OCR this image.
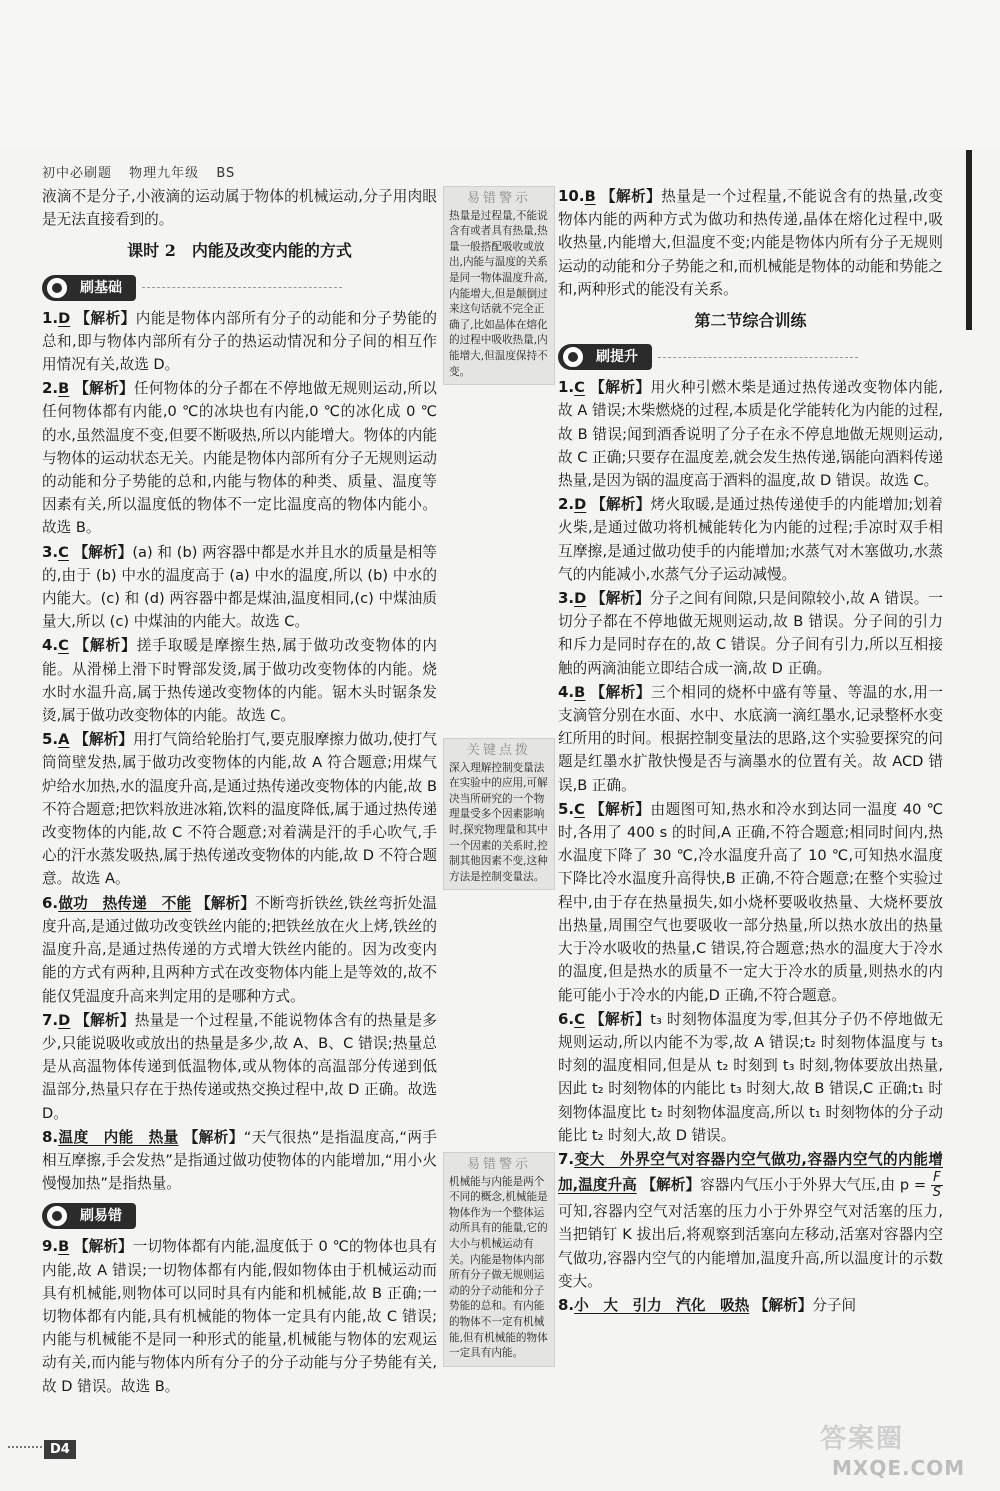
初中必刷题 物理九年级 BS
液滴不是分子,小液滴的运动属于物体的机械运动,分子用肉眼是无法直接看到的。
课时 2　内能及改变内能的方式
刷基础
1.D 【解析】内能是物体内部所有分子的动能和分子势能的总和,即与物体内部所有分子的热运动情况和分子间的相互作用情况有关,故选 D。
2.B 【解析】任何物体的分子都在不停地做无规则运动,所以任何物体都有内能,0 ℃的冰块也有内能,0 ℃的冰化成 0 ℃的水,虽然温度不变,但要不断吸热,所以内能增大。物体的内能与物体的运动状态无关。内能是物体内部所有分子无规则运动的动能和分子势能的总和,内能与物体的种类、质量、温度等因素有关,所以温度低的物体不一定比温度高的物体内能小。故选 B。
3.C 【解析】(a) 和 (b) 两容器中都是水并且水的质量是相等的,由于 (b) 中水的温度高于 (a) 中水的温度,所以 (b) 中水的内能大。(c) 和 (d) 两容器中都是煤油,温度相同,(c) 中煤油质量大,所以 (c) 中煤油的内能大。故选 C。
4.C 【解析】搓手取暖是摩擦生热,属于做功改变物体的内能。从滑梯上滑下时臀部发烫,属于做功改变物体的内能。烧水时水温升高,属于热传递改变物体的内能。锯木头时锯条发烫,属于做功改变物体的内能。故选 C。
5.A 【解析】用打气筒给轮胎打气,要克服摩擦力做功,使打气筒筒壁发热,属于做功改变物体的内能,故 A 符合题意;用煤气炉给水加热,水的温度升高,是通过热传递改变物体的内能,故 B 不符合题意;把饮料放进冰箱,饮料的温度降低,属于通过热传递改变物体的内能,故 C 不符合题意;对着满是汗的手心吹气,手心的汗水蒸发吸热,属于热传递改变物体的内能,故 D 不符合题意。故选 A。
6.做功　热传递　不能 【解析】不断弯折铁丝,铁丝弯折处温度升高,是通过做功改变铁丝内能的;把铁丝放在火上烤,铁丝的温度升高,是通过热传递的方式增大铁丝内能的。因为改变内能的方式有两种,且两种方式在改变物体内能上是等效的,故不能仅凭温度升高来判定用的是哪种方式。
7.D 【解析】热量是一个过程量,不能说物体含有的热量是多少,只能说吸收或放出的热量是多少,故 A、B、C 错误;热量总是从高温物体传递到低温物体,或从物体的高温部分传递到低温部分,热量只存在于热传递或热交换过程中,故 D 正确。故选 D。
8.温度　内能　热量 【解析】“天气很热”是指温度高,“两手相互摩擦,手会发热”是指通过做功使物体的内能增加,“用小火慢慢加热”是指热量。
刷易错
9.B 【解析】一切物体都有内能,温度低于 0 ℃的物体也具有内能,故 A 错误;一切物体都有内能,假如物体由于机械运动而具有机械能,则物体可以同时具有内能和机械能,故 B 正确;一切物体都有内能,具有机械能的物体一定具有内能,故 C 错误;内能与机械能不是同一种形式的能量,机械能与物体的宏观运动有关,而内能与物体内所有分子的分子动能与分子势能有关,故 D 错误。故选 B。
易错警示
热量是过程量,不能说含有或者具有热量,热量一般搭配吸收或放出,内能与温度的关系是同一物体温度升高,内能增大,但是颠倒过来这句话就不完全正确了,比如晶体在熔化的过程中吸收热量,内能增大,但温度保持不变。
关键点拨
深入理解控制变量法在实验中的应用,可解决当所研究的一个物理量受多个因素影响时,探究物理量和其中一个因素的关系时,控制其他因素不变,这种方法是控制变量法。
易错警示
机械能与内能是两个不同的概念,机械能是物体作为一个整体运动所具有的能量,它的大小与机械运动有关。内能是物体内部所有分子做无规则运动的分子动能和分子势能的总和。有内能的物体不一定有机械能,但有机械能的物体一定具有内能。
10.B 【解析】热量是一个过程量,不能说含有的热量,改变物体内能的两种方式为做功和热传递,晶体在熔化过程中,吸收热量,内能增大,但温度不变;内能是物体内所有分子无规则运动的动能和分子势能之和,而机械能是物体的动能和势能之和,两种形式的能没有关系。
第二节综合训练
刷提升
1.C 【解析】用火种引燃木柴是通过热传递改变物体内能,故 A 错误;木柴燃烧的过程,本质是化学能转化为内能的过程,故 B 错误;闻到酒香说明了分子在永不停息地做无规则运动,故 C 正确;只要存在温度差,就会发生热传递,锅能向酒料传递热量,是因为锅的温度高于酒料的温度,故 D 错误。故选 C。
2.D 【解析】烤火取暖,是通过热传递使手的内能增加;划着火柴,是通过做功将机械能转化为内能的过程;手凉时双手相互摩擦,是通过做功使手的内能增加;水蒸气对木塞做功,水蒸气的内能减小,水蒸气分子运动减慢。
3.D 【解析】分子之间有间隙,只是间隙较小,故 A 错误。一切分子都在不停地做无规则运动,故 B 错误。分子间的引力和斥力是同时存在的,故 C 错误。分子间有引力,所以互相接触的两滴油能立即结合成一滴,故 D 正确。
4.B 【解析】三个相同的烧杯中盛有等量、等温的水,用一支滴管分别在水面、水中、水底滴一滴红墨水,记录整杯水变红所用的时间。根据控制变量法的思路,这个实验要探究的问题是红墨水扩散快慢是否与滴墨水的位置有关。故 ACD 错误,B 正确。
5.C 【解析】由题图可知,热水和冷水到达同一温度 40 ℃时,各用了 400 s 的时间,A 正确,不符合题意;相同时间内,热水温度下降了 30 ℃,冷水温度升高了 10 ℃,可知热水温度下降比冷水温度升高得快,B 正确,不符合题意;在整个实验过程中,由于存在热量损失,如小烧杯要吸收热量、大烧杯要放出热量,周围空气也要吸收一部分热量,所以热水放出的热量大于冷水吸收的热量,C 错误,符合题意;热水的温度大于冷水的温度,但是热水的质量不一定大于冷水的质量,则热水的内能可能小于冷水的内能,D 正确,不符合题意。
6.C 【解析】t₃ 时刻物体温度为零,但其分子仍不停地做无规则运动,所以内能不为零,故 A 错误;t₂ 时刻物体温度与 t₃ 时刻的温度相同,但是从 t₂ 时刻到 t₃ 时刻,物体要放出热量,因此 t₂ 时刻物体的内能比 t₃ 时刻大,故 B 错误,C 正确;t₁ 时刻物体温度比 t₂ 时刻物体温度高,所以 t₁ 时刻物体的分子动能比 t₂ 时刻大,故 D 错误。
7.变大　外界空气对容器内空气做功,容器内空气的内能增加,温度升高 【解析】容器内气压小于外界大气压,由 $p = \frac{F}{S}$
可知,容器内空气对活塞的压力小于外界空气对活塞的压力,当把销钉 K 拔出后,将观察到活塞向左移动,活塞对容器内空气做功,容器内空气的内能增加,温度升高,所以温度计的示数变大。
8.小　大　引力　汽化　吸热 【解析】分子间
D4	答案圈
MXQE.COM
